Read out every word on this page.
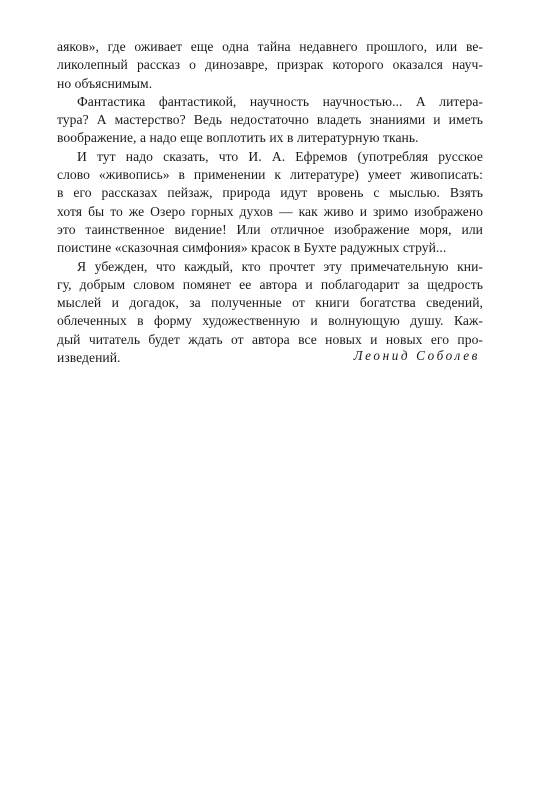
аяков», где оживает еще одна тайна недавнего прошлого, или ве-
ликолепный рассказ о динозавре, призрак которого оказался науч-
но объяснимым.
Фантастика фантастикой, научность научностью... А литера-
тура? А мастерство? Ведь недостаточно владеть знаниями и иметь
воображение, а надо еще воплотить их в литературную ткань.
И тут надо сказать, что И. А. Ефремов (употребляя русское
слово «живопись» в применении к литературе) умеет живописать:
в его рассказах пейзаж, природа идут вровень с мыслью. Взять
хотя бы то же Озеро горных духов — как живо и зримо изображено
это таинственное видение! Или отличное изображение моря, или
поистине «сказочная симфония» красок в Бухте радужных струй...
Я убежден, что каждый, кто прочтет эту примечательную кни-
гу, добрым словом помянет ее автора и поблагодарит за щедрость
мыслей и догадок, за полученные от книги богатства сведений,
облеченных в форму художественную и волнующую душу. Каж-
дый читатель будет ждать от автора все новых и новых его про-
изведений.	Леонид Соболев
